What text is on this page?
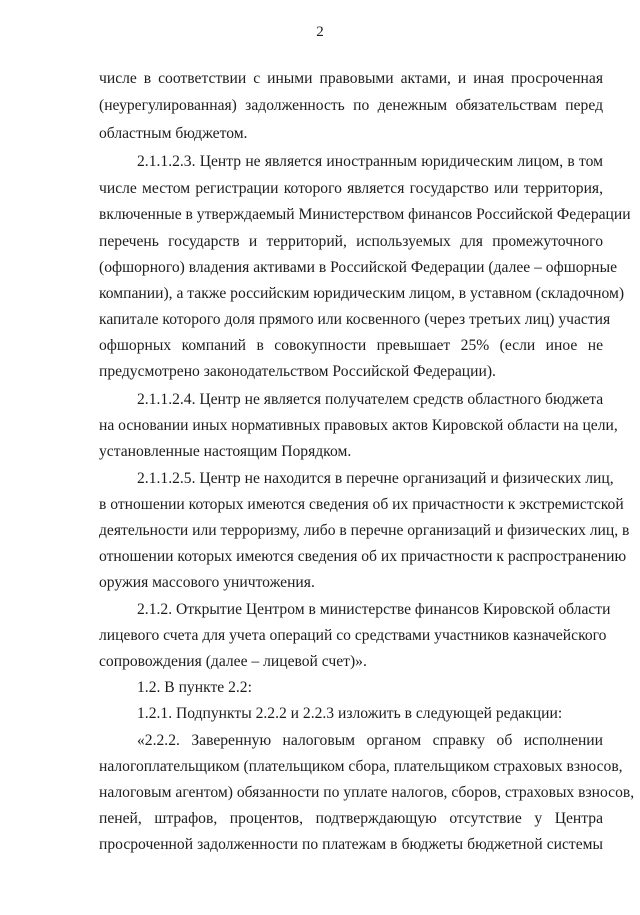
2
числе в соответствии с иными правовыми актами, и иная просроченная
(неурегулированная) задолженность по денежным обязательствам перед
областным бюджетом.
2.1.1.2.3. Центр не является иностранным юридическим лицом, в том
числе местом регистрации которого является государство или территория,
включенные в утверждаемый Министерством финансов Российской Федерации
перечень государств и территорий, используемых для промежуточного
(офшорного) владения активами в Российской Федерации (далее – офшорные
компании), а также российским юридическим лицом, в уставном (складочном)
капитале которого доля прямого или косвенного (через третьих лиц) участия
офшорных компаний в совокупности превышает 25% (если иное не
предусмотрено законодательством Российской Федерации).
2.1.1.2.4. Центр не является получателем средств областного бюджета
на основании иных нормативных правовых актов Кировской области на цели,
установленные настоящим Порядком.
2.1.1.2.5. Центр не находится в перечне организаций и физических лиц,
в отношении которых имеются сведения об их причастности к экстремистской
деятельности или терроризму, либо в перечне организаций и физических лиц, в
отношении которых имеются сведения об их причастности к распространению
оружия массового уничтожения.
2.1.2. Открытие Центром в министерстве финансов Кировской области
лицевого счета для учета операций со средствами участников казначейского
сопровождения (далее – лицевой счет)».
1.2. В пункте 2.2:
1.2.1. Подпункты 2.2.2 и 2.2.3 изложить в следующей редакции:
«2.2.2. Заверенную налоговым органом справку об исполнении
налогоплательщиком (плательщиком сбора, плательщиком страховых взносов,
налоговым агентом) обязанности по уплате налогов, сборов, страховых взносов,
пеней, штрафов, процентов, подтверждающую отсутствие у Центра
просроченной задолженности по платежам в бюджеты бюджетной системы
